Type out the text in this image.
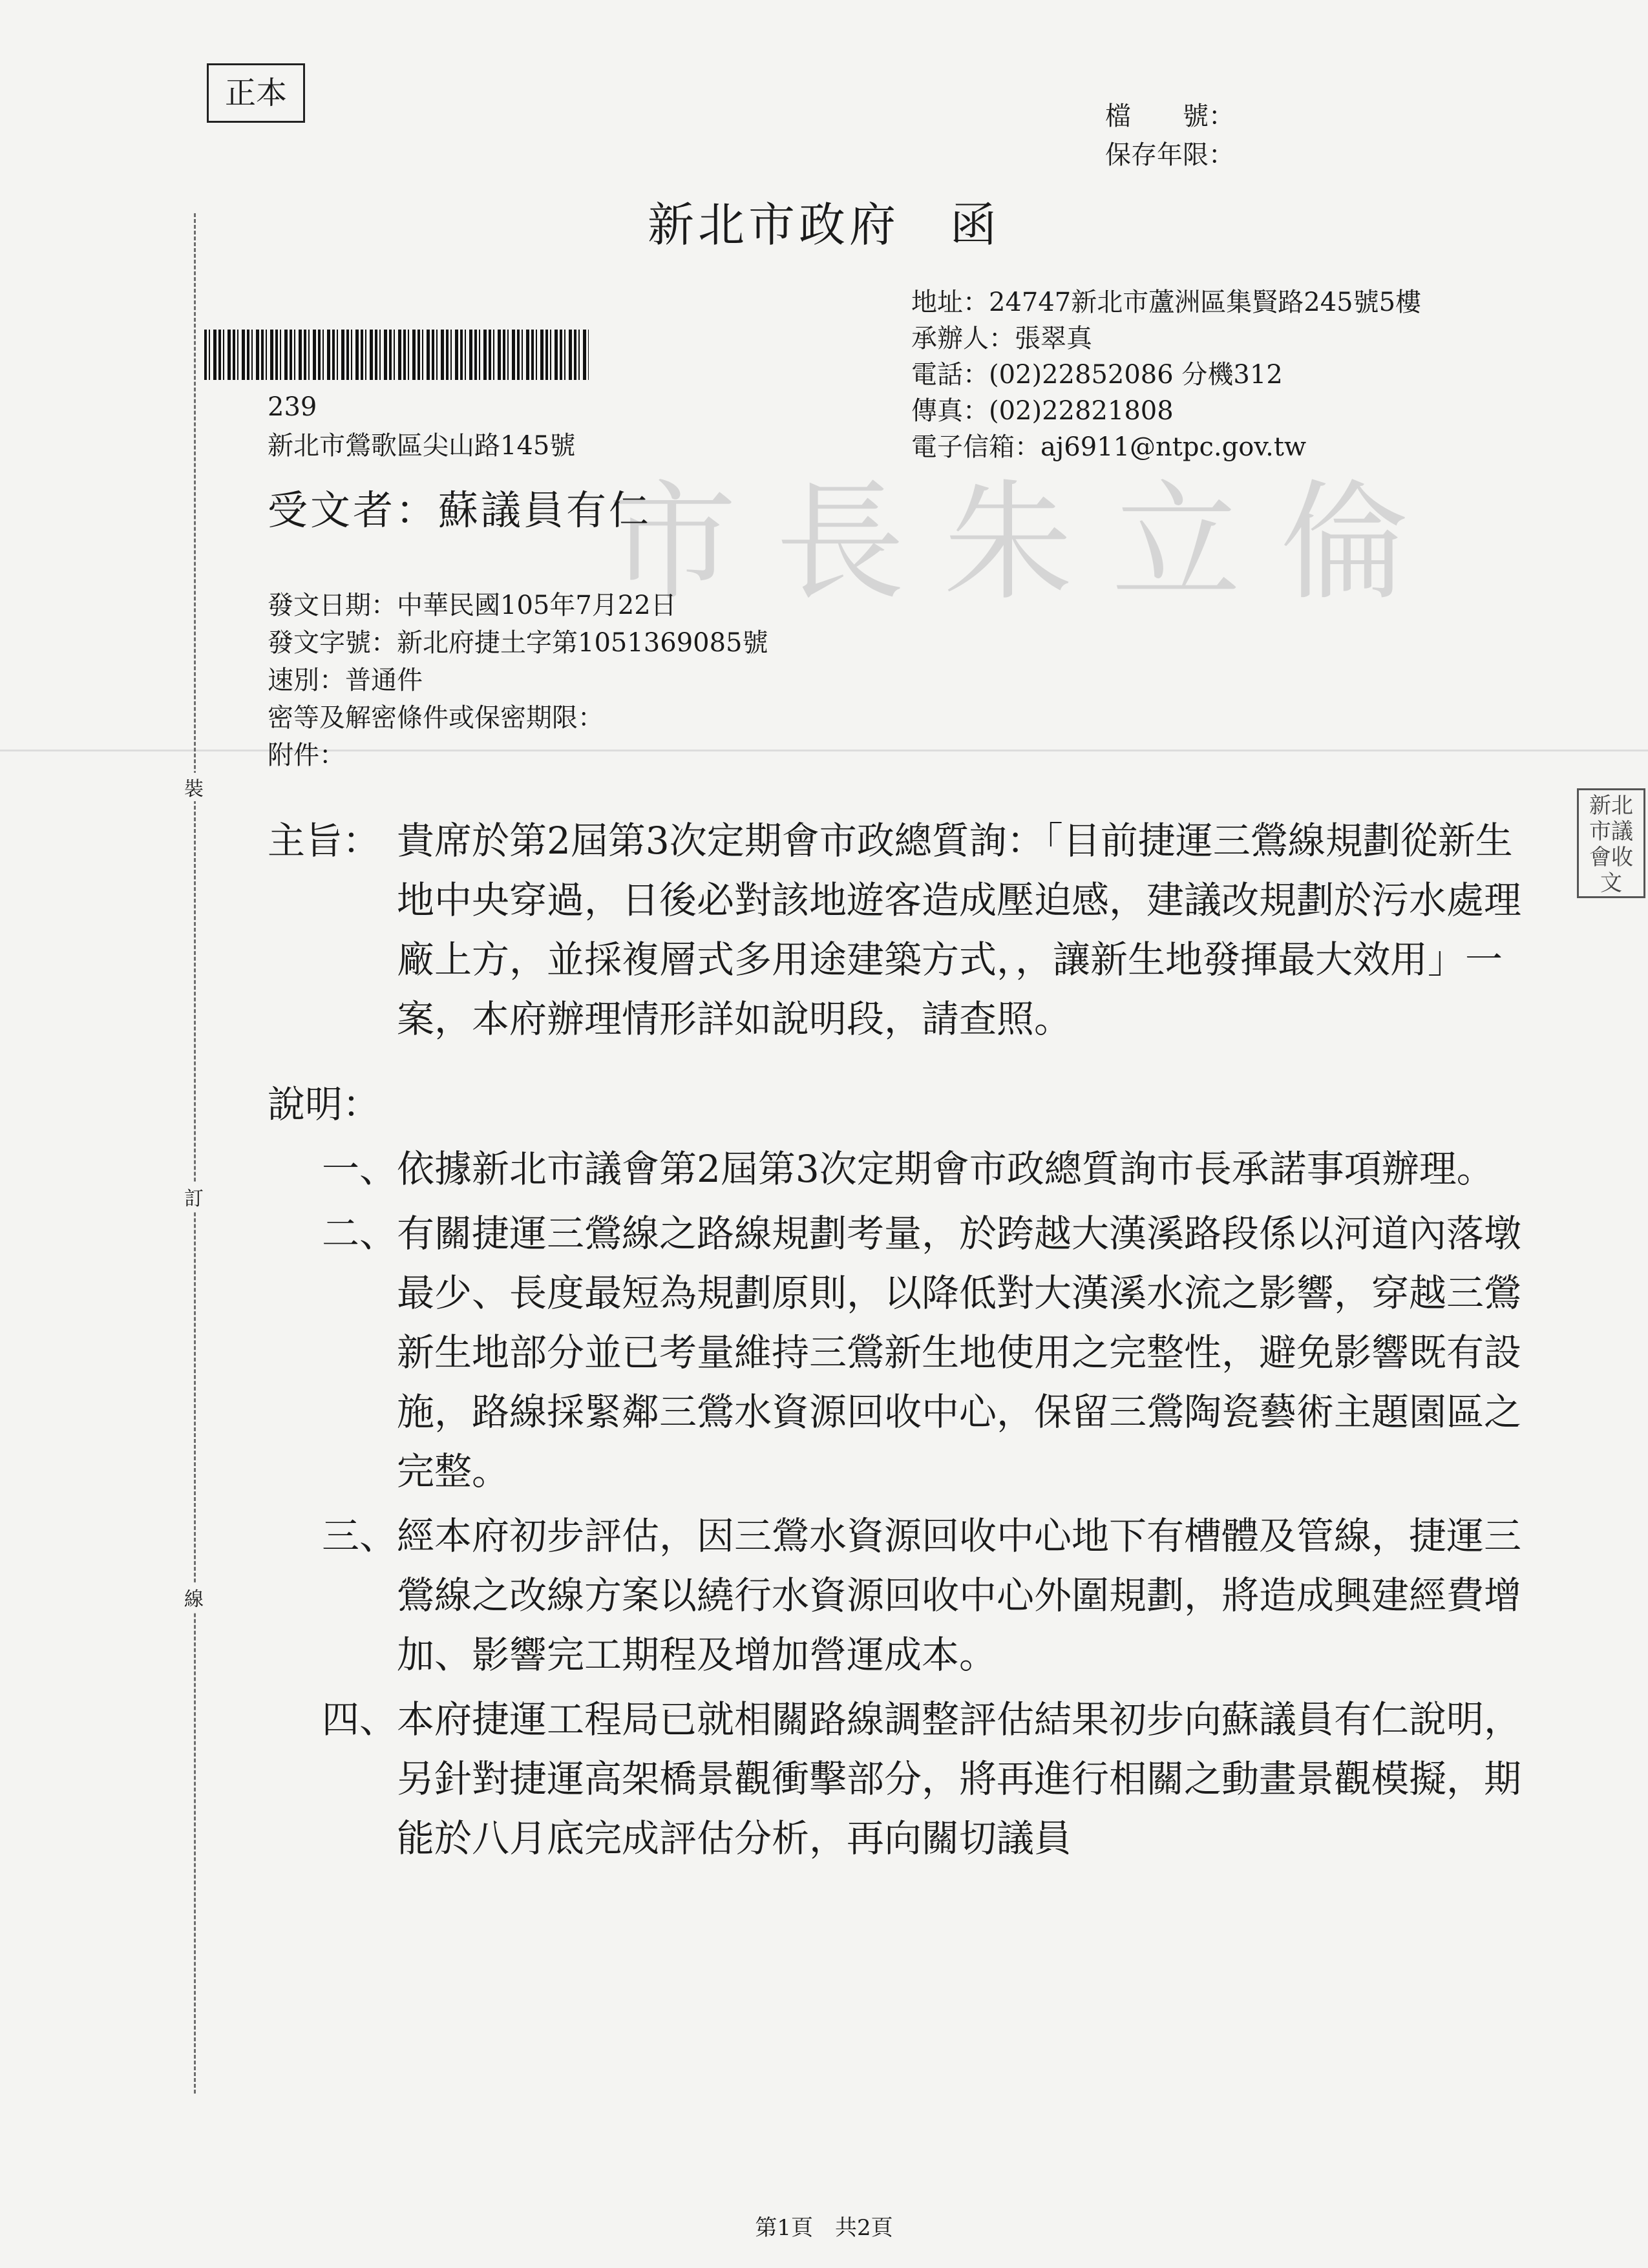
市長朱立倫
裝
訂
線
正本
檔　　號：
保存年限：
新北市政府　函
地址：24747新北市蘆洲區集賢路245號5樓
承辦人：張翠真
電話：(02)22852086 分機312
傳真：(02)22821808
電子信箱：aj6911@ntpc.gov.tw
239
新北市鶯歌區尖山路145號
受文者：蘇議員有仁
新北市議會收文
發文日期：中華民國105年7月22日
發文字號：新北府捷土字第1051369085號
速別：普通件
密等及解密條件或保密期限：
附件：
主旨： 貴席於第2屆第3次定期會市政總質詢：「目前捷運三鶯線規劃從新生地中央穿過，日後必對該地遊客造成壓迫感，建議改規劃於污水處理廠上方，並採複層式多用途建築方式，，讓新生地發揮最大效用」一案，本府辦理情形詳如說明段，請查照。
說明：
一、 依據新北市議會第2屆第3次定期會市政總質詢市長承諾事項辦理。
二、 有關捷運三鶯線之路線規劃考量，於跨越大漢溪路段係以河道內落墩最少、長度最短為規劃原則，以降低對大漢溪水流之影響，穿越三鶯新生地部分並已考量維持三鶯新生地使用之完整性，避免影響既有設施，路線採緊鄰三鶯水資源回收中心，保留三鶯陶瓷藝術主題園區之完整。
三、 經本府初步評估，因三鶯水資源回收中心地下有槽體及管線，捷運三鶯線之改線方案以繞行水資源回收中心外圍規劃，將造成興建經費增加、影響完工期程及增加營運成本。
四、 本府捷運工程局已就相關路線調整評估結果初步向蘇議員有仁說明，另針對捷運高架橋景觀衝擊部分，將再進行相關之動畫景觀模擬，期能於八月底完成評估分析，再向關切議員
第1頁　共2頁
